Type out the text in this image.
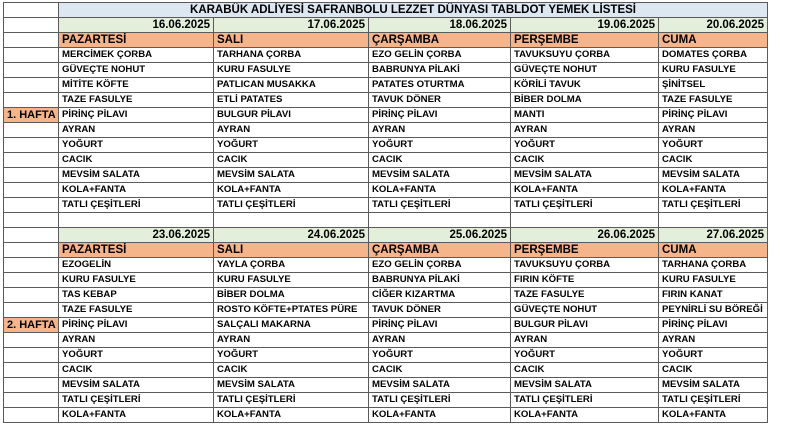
	KARABÜK ADLİYESİ SAFRANBOLU LEZZET DÜNYASI TABLDOT YEMEK LİSTESİ				
	16.06.2025	17.06.2025	18.06.2025	19.06.2025	20.06.2025
	PAZARTESİ	SALI	ÇARŞAMBA	PERŞEMBE	CUMA
	MERCİMEK ÇORBA	TARHANA ÇORBA	EZO GELİN ÇORBA	TAVUKSUYU ÇORBA	DOMATES ÇORBA
	GÜVEÇTE NOHUT	KURU FASULYE	BABRUNYA PİLAKİ	GÜVEÇTE NOHUT	KURU FASULYE
	MİTİTE KÖFTE	PATLICAN MUSAKKA	PATATES OTURTMA	KÖRİLİ TAVUK	ŞİNİTSEL
	TAZE FASULYE	ETLİ PATATES	TAVUK DÖNER	BİBER DOLMA	TAZE FASULYE
1. HAFTA	PİRİNÇ PİLAVI	BULGUR PİLAVI	PİRİNÇ PİLAVI	MANTI	PİRİNÇ PİLAVI
	AYRAN	AYRAN	AYRAN	AYRAN	AYRAN
	YOĞURT	YOĞURT	YOĞURT	YOĞURT	YOĞURT
	CACIK	CACIK	CACIK	CACIK	CACIK
	MEVSİM SALATA	MEVSİM SALATA	MEVSİM SALATA	MEVSİM SALATA	MEVSİM SALATA
	KOLA+FANTA	KOLA+FANTA	KOLA+FANTA	KOLA+FANTA	KOLA+FANTA
	TATLI ÇEŞİTLERİ	TATLI ÇEŞİTLERİ	TATLI ÇEŞİTLERİ	TATLI ÇEŞİTLERİ	TATLI ÇEŞİTLERİ

	23.06.2025	24.06.2025	25.06.2025	26.06.2025	27.06.2025
	PAZARTESİ	SALI	ÇARŞAMBA	PERŞEMBE	CUMA
	EZOGELİN	YAYLA ÇORBA	EZO GELİN ÇORBA	TAVUKSUYU ÇORBA	TARHANA ÇORBA
	KURU FASULYE	KURU FASULYE	BABRUNYA PİLAKİ	FIRIN KÖFTE	KURU FASULYE
	TAS KEBAP	BİBER DOLMA	CİĞER KIZARTMA	TAZE FASULYE	FIRIN KANAT
	TAZE FASULYE	ROSTO KÖFTE+PTATES PÜRE	TAVUK DÖNER	GÜVEÇTE NOHUT	PEYNİRLİ SU BÖREĞİ
2. HAFTA	PİRİNÇ PİLAVI	SALÇALI MAKARNA	PİRİNÇ PİLAVI	BULGUR PİLAVI	PİRİNÇ PİLAVI
	AYRAN	AYRAN	AYRAN	AYRAN	AYRAN
	YOĞURT	YOĞURT	YOĞURT	YOĞURT	YOĞURT
	CACIK	CACIK	CACIK	CACIK	CACIK
	MEVSİM SALATA	MEVSİM SALATA	MEVSİM SALATA	MEVSİM SALATA	MEVSİM SALATA
	TATLI ÇEŞİTLERİ	TATLI ÇEŞİTLERİ	TATLI ÇEŞİTLERİ	TATLI ÇEŞİTLERİ	TATLI ÇEŞİTLERİ
	KOLA+FANTA	KOLA+FANTA	KOLA+FANTA	KOLA+FANTA	KOLA+FANTA
